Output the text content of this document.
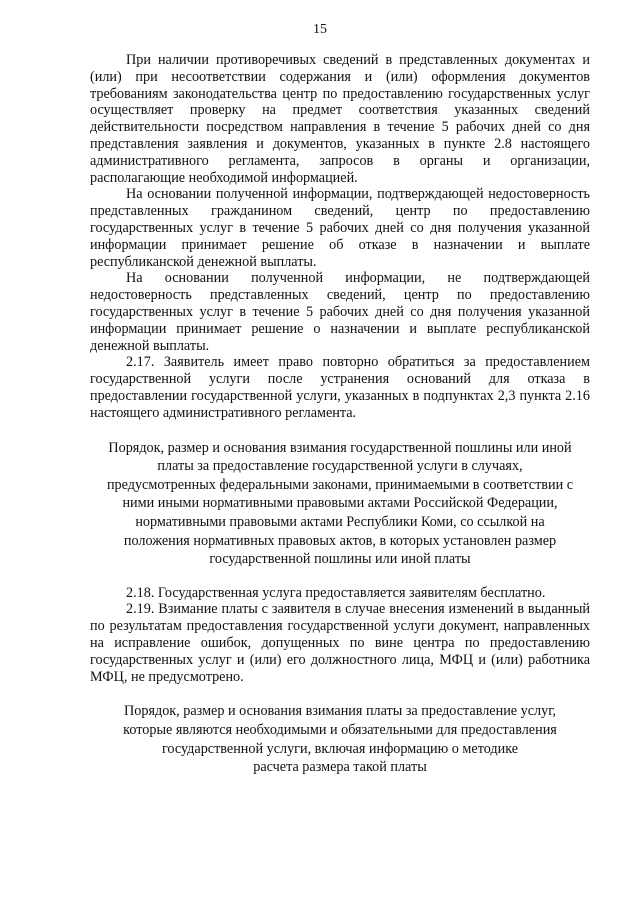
15

При наличии противоречивых сведений в представленных документах и (или) при несоответствии содержания и (или) оформления документов требованиям законодательства центр по предоставлению государственных услуг осуществляет проверку на предмет соответствия указанных сведений действительности посредством направления в течение 5 рабочих дней со дня представления заявления и документов, указанных в пункте 2.8 настоящего административного регламента, запросов в органы и организации, располагающие необходимой информацией.

На основании полученной информации, подтверждающей недостоверность представленных гражданином сведений, центр по предоставлению государственных услуг в течение 5 рабочих дней со дня получения указанной информации принимает решение об отказе в назначении и выплате республиканской денежной выплаты.

На основании полученной информации, не подтверждающей недостоверность представленных сведений, центр по предоставлению государственных услуг в течение 5 рабочих дней со дня получения указанной информации принимает решение о назначении и выплате республиканской денежной выплаты.

2.17. Заявитель имеет право повторно обратиться за предоставлением государственной услуги после устранения оснований для отказа в предоставлении государственной услуги, указанных в подпунктах 2,3 пункта 2.16 настоящего административного регламента.

Порядок, размер и основания взимания государственной пошлины или иной
платы за предоставление государственной услуги в случаях,
предусмотренных федеральными законами, принимаемыми в соответствии с
ними иными нормативными правовыми актами Российской Федерации,
нормативными правовыми актами Республики Коми, со ссылкой на
положения нормативных правовых актов, в которых установлен размер
государственной пошлины или иной платы

2.18. Государственная услуга предоставляется заявителям бесплатно.

2.19. Взимание платы с заявителя в случае внесения изменений в выданный по результатам предоставления государственной услуги документ, направленных на исправление ошибок, допущенных по вине центра по предоставлению государственных услуг и (или) его должностного лица, МФЦ и (или) работника МФЦ, не предусмотрено.

Порядок, размер и основания взимания платы за предоставление услуг,
которые являются необходимыми и обязательными для предоставления
государственной услуги, включая информацию о методике
расчета размера такой платы
